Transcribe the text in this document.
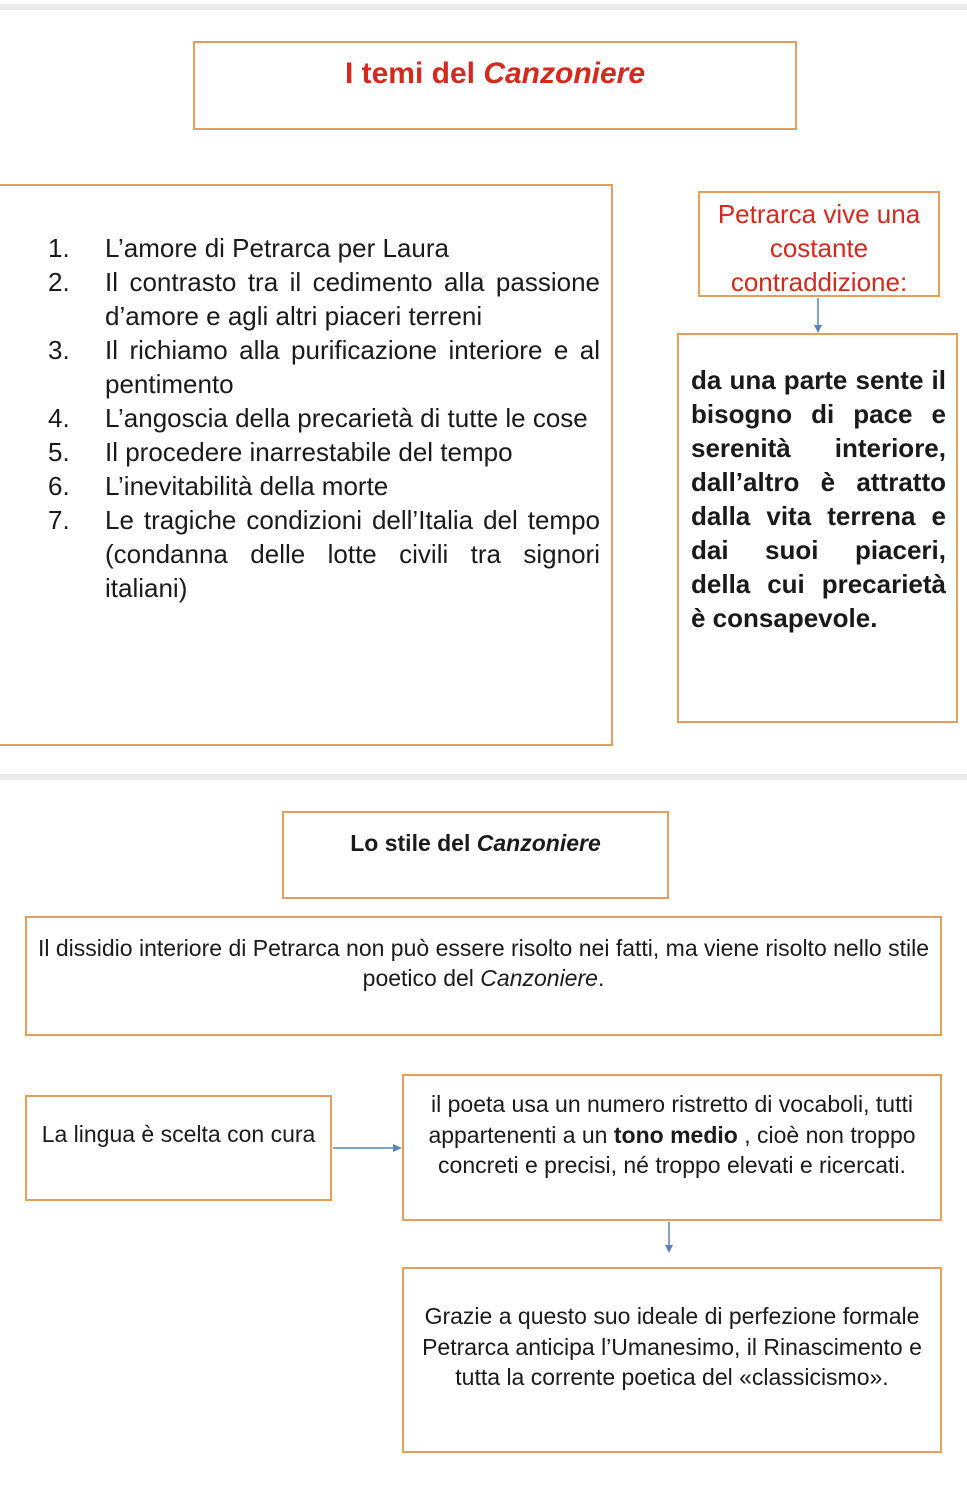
I temi del Canzoniere
1. L’amore di Petrarca per Laura
2. Il contrasto tra il cedimento alla passione d’amore e agli altri piaceri terreni
3. Il richiamo alla purificazione interiore e al pentimento
4. L’angoscia della precarietà di tutte le cose
5. Il procedere inarrestabile del tempo
6. L’inevitabilità della morte
7. Le tragiche condizioni dell’Italia del tempo (condanna delle lotte civili tra signori italiani)
Petrarca vive una costante contraddizione:
da una parte sente il bisogno di pace e serenità interiore, dall’altro è attratto dalla vita terrena e dai suoi piaceri, della cui precarietà è consapevole.
Lo stile del Canzoniere
Il dissidio interiore di Petrarca non può essere risolto nei fatti, ma viene risolto nello stile poetico del Canzoniere.
La lingua è scelta con cura
il poeta usa un numero ristretto di vocaboli, tutti appartenenti a un tono medio , cioè non troppo concreti e precisi, né troppo elevati e ricercati.
Grazie a questo suo ideale di perfezione formale Petrarca anticipa l’Umanesimo, il Rinascimento e tutta la corrente poetica del «classicismo».
